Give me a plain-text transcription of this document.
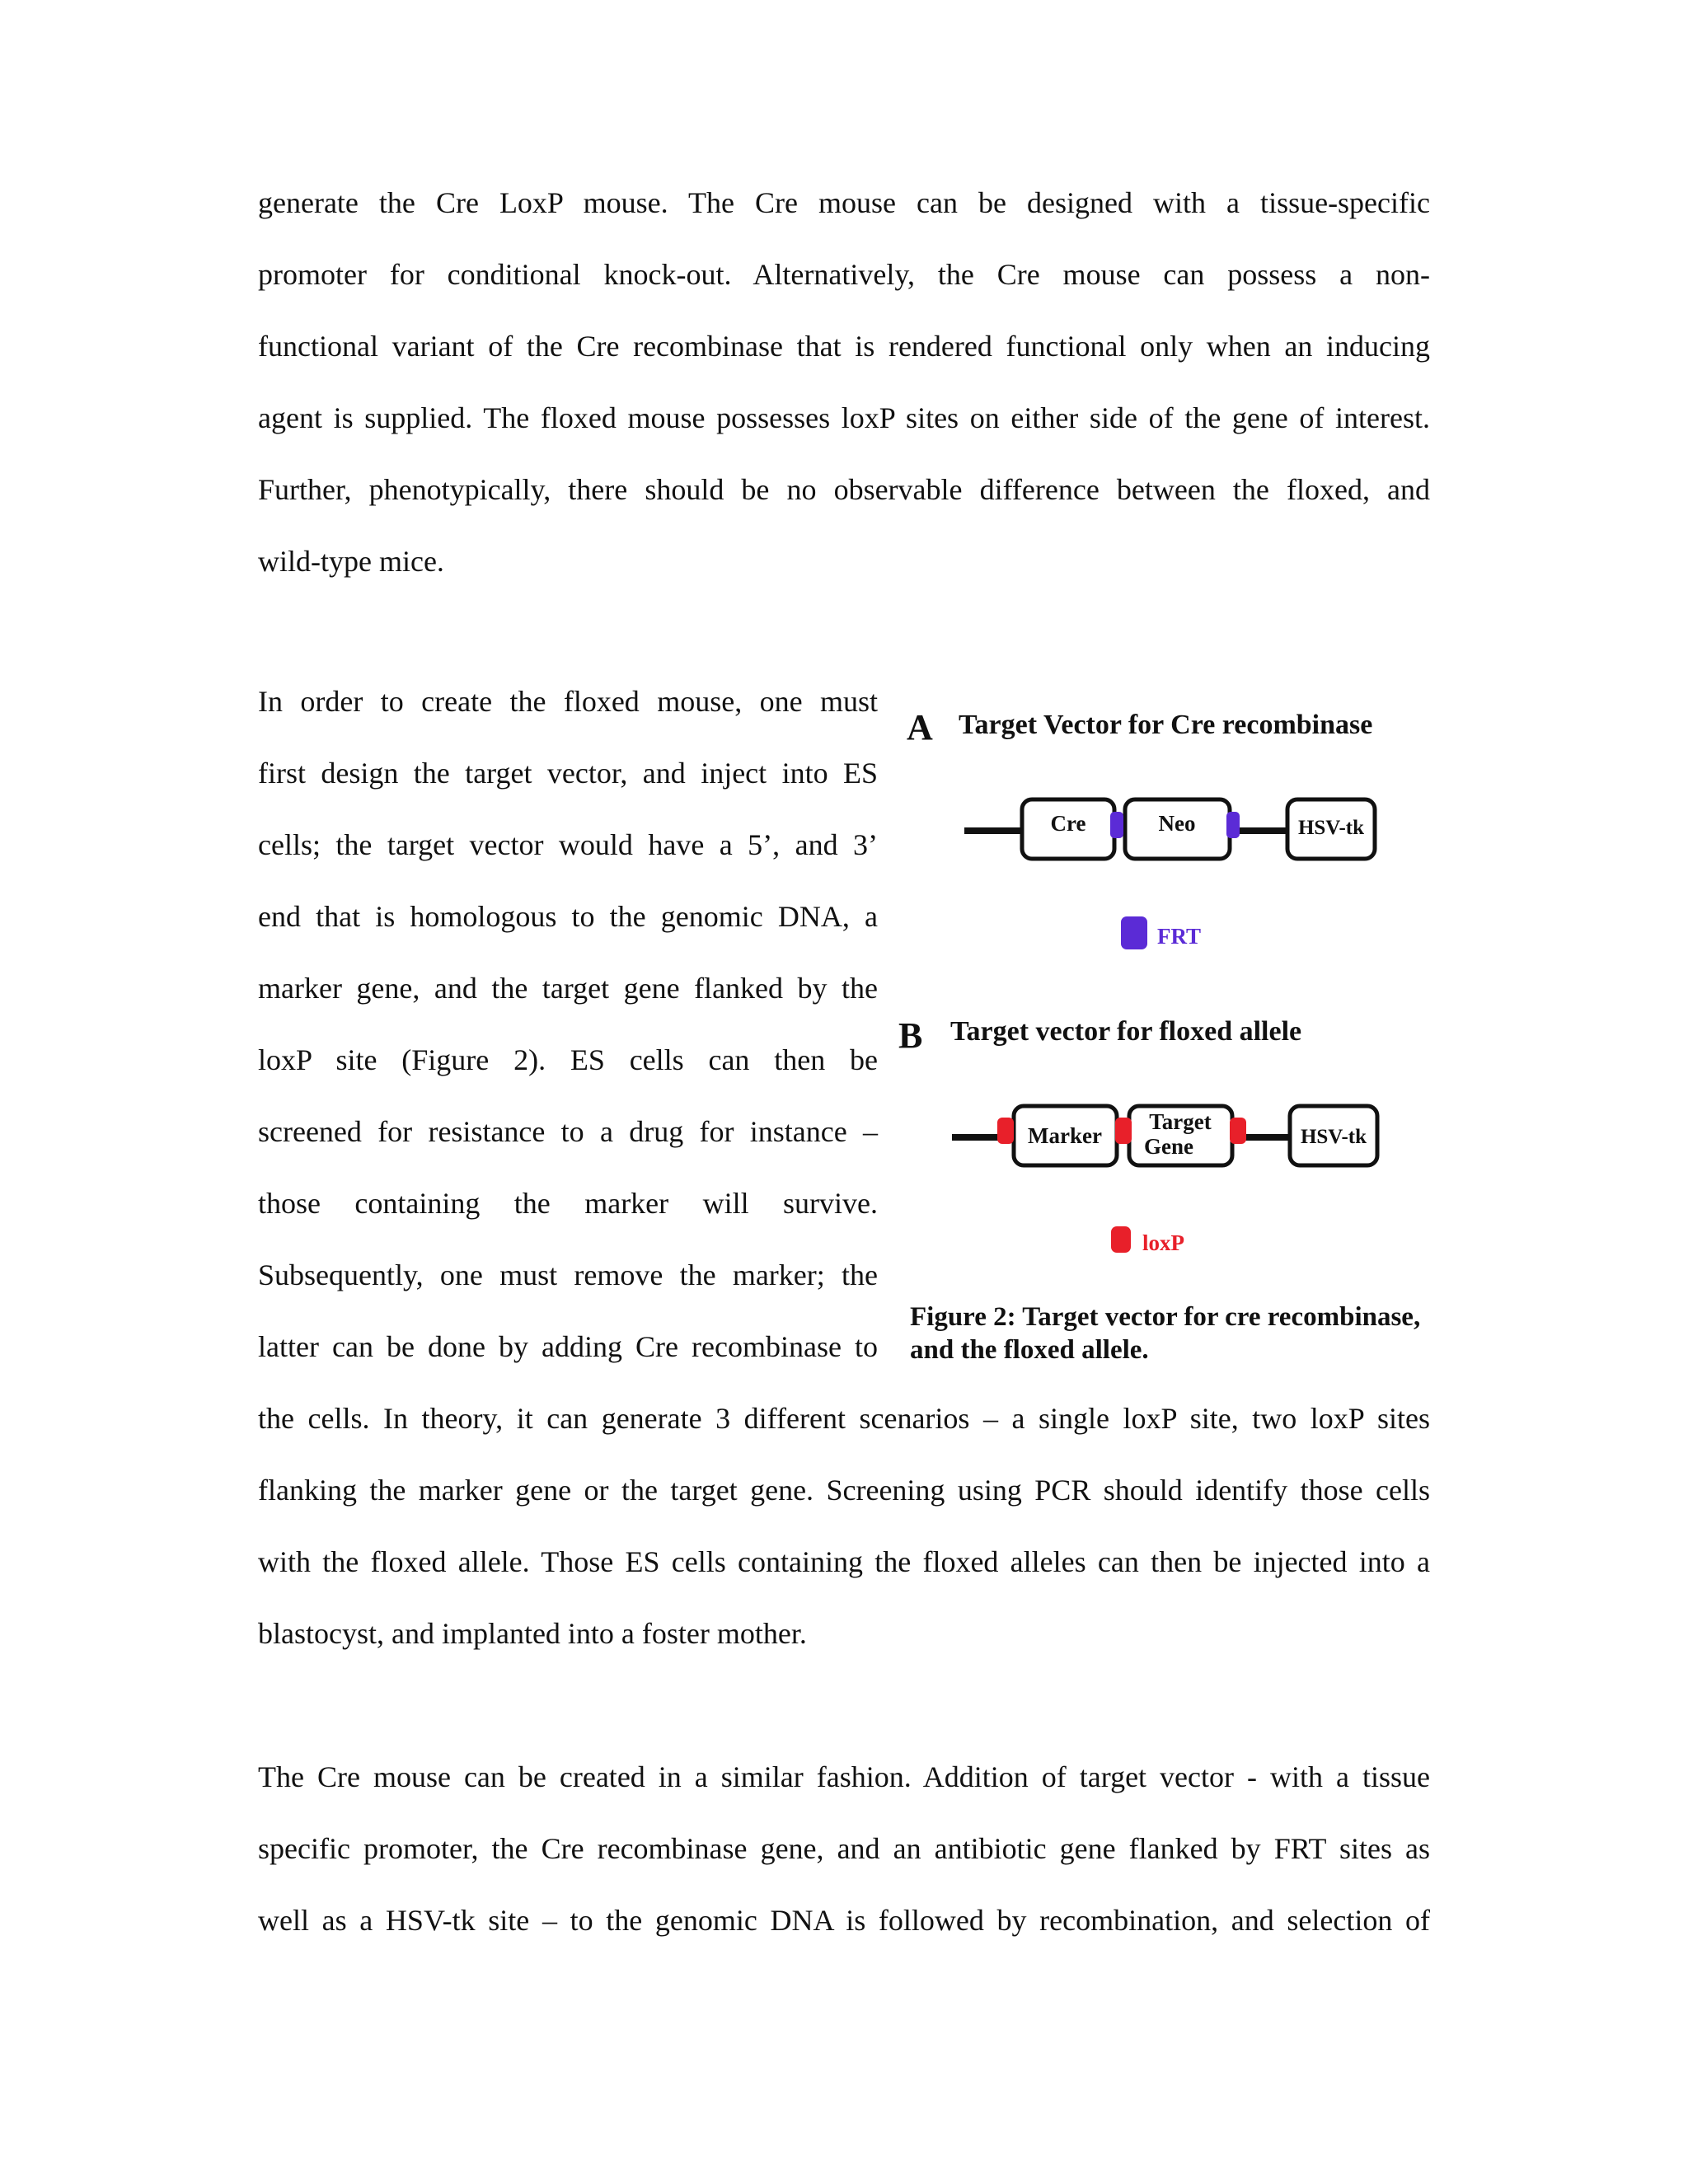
generate the Cre LoxP mouse. The Cre mouse can be designed with a tissue-specific
promoter for conditional knock-out. Alternatively, the Cre mouse can possess a non-
functional variant of the Cre recombinase that is rendered functional only when an inducing
agent is supplied. The floxed mouse possesses loxP sites on either side of the gene of interest.
Further, phenotypically, there should be no observable difference between the floxed, and
wild-type mice.
In order to create the floxed mouse, one must
first design the target vector, and inject into ES
cells; the target vector would have a 5’, and 3’
end that is homologous to the genomic DNA, a
marker gene, and the target gene flanked by the
loxP site (Figure 2). ES cells can then be
screened for resistance to a drug for instance –
those containing the marker will survive.
Subsequently, one must remove the marker; the
latter can be done by adding Cre recombinase to
the cells. In theory, it can generate 3 different scenarios – a single loxP site, two loxP sites
flanking the marker gene or the target gene. Screening using PCR should identify those cells
with the floxed allele. Those ES cells containing the floxed alleles can then be injected into a
blastocyst, and implanted into a foster mother.
The Cre mouse can be created in a similar fashion. Addition of target vector - with a tissue
specific promoter, the Cre recombinase gene, and an antibiotic gene flanked by FRT sites as
well as a HSV-tk site – to the genomic DNA is followed by recombination, and selection of
A Target Vector for Cre recombinase
Cre	Neo	HSV-tk
FRT
B Target vector for floxed allele
Marker
Target
Gene	HSV-tk
loxP
Figure 2: Target vector for cre recombinase,
and the floxed allele.
